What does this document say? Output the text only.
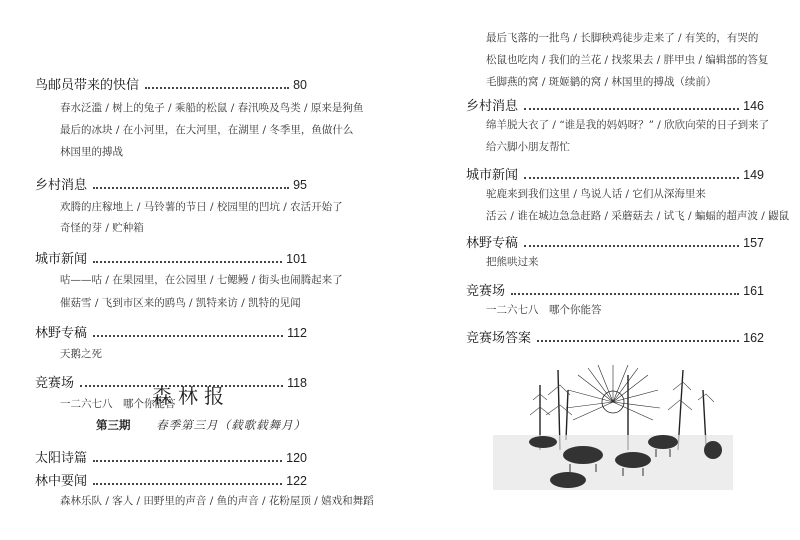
鸟邮员带来的快信	80
春水泛滥 / 树上的兔子 / 乘船的松鼠 / 春汛唤及鸟类 / 原来是狗鱼
最后的冰块 / 在小河里，在大河里，在湖里 / 冬季里，鱼做什么
林国里的搏战
乡村消息	95
欢腾的庄稼地上 / 马铃薯的节日 / 校园里的凹坑 / 农活开始了
奇怪的芽 / 贮种箱
城市新闻	101
咕——咕 / 在果园里，在公园里 / 七鳃鳗 / 街头也闹腾起来了
催菇雪 / 飞到市区来的鸥鸟 / 凯特来访 / 凯特的见闻
林野专稿	112
天鹅之死
竞赛场	118
一二六七八　哪个你能答
森林报
第三期 春季第三月（载歌载舞月）
太阳诗篇	120
林中要闻	122
森林乐队 / 客人 / 田野里的声音 / 鱼的声音 / 花粉屋顶 / 嬉戏和舞蹈
最后飞落的一批鸟 / 长脚秧鸡徒步走来了 / 有笑的，有哭的
松鼠也吃肉 / 我们的兰花 / 找浆果去 / 胖甲虫 / 编辑部的答复
毛脚燕的窝 / 斑姬鹟的窝 / 林国里的搏战（续前）
乡村消息	146
绵羊脱大衣了 / “谁是我的妈妈呀？” / 欣欣向荣的日子到来了
给六脚小朋友帮忙
城市新闻	149
驼鹿来到我们这里 / 鸟说人话 / 它们从深海里来
活云 / 谁在城边急急赶路 / 采蘑菇去 / 试飞 / 蝙蝠的超声波 / 鼹鼠
林野专稿	157
把熊哄过来
竞赛场	161
一二六七八　哪个你能答
竞赛场答案	162
